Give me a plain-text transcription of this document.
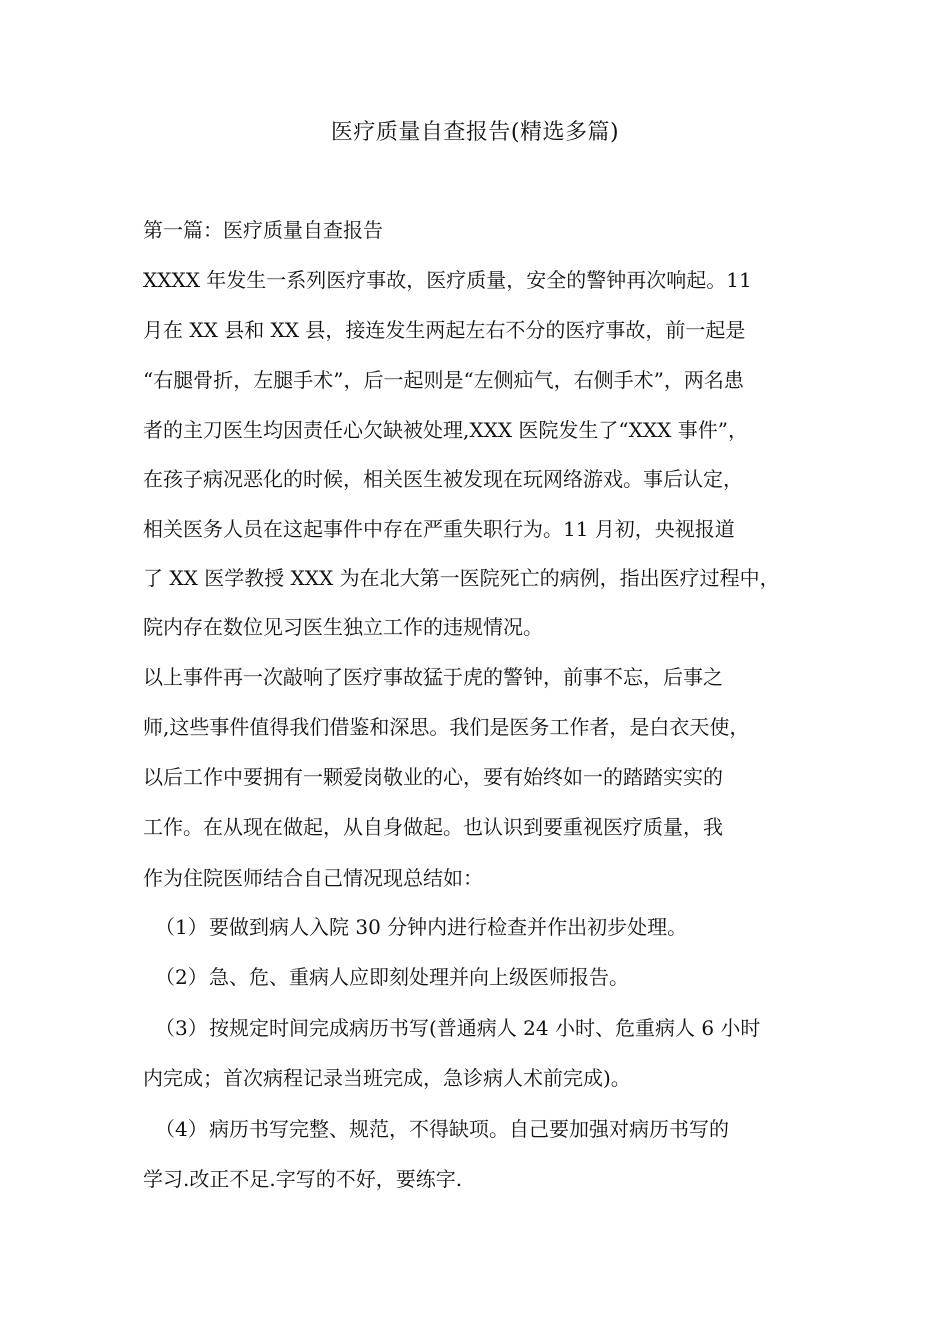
医疗质量自查报告(精选多篇)
第一篇：医疗质量自查报告
XXXX 年发生一系列医疗事故，医疗质量，安全的警钟再次响起。11
月在 XX 县和 XX 县，接连发生两起左右不分的医疗事故，前一起是
“右腿骨折，左腿手术”，后一起则是“左侧疝气，右侧手术”，两名患
者的主刀医生均因责任心欠缺被处理,XXX 医院发生了“XXX 事件”，
在孩子病况恶化的时候，相关医生被发现在玩网络游戏。事后认定，
相关医务人员在这起事件中存在严重失职行为。11 月初，央视报道
了 XX 医学教授 XXX 为在北大第一医院死亡的病例，指出医疗过程中，
院内存在数位见习医生独立工作的违规情况。
以上事件再一次敲响了医疗事故猛于虎的警钟，前事不忘，后事之
师,这些事件值得我们借鉴和深思。我们是医务工作者，是白衣天使，
以后工作中要拥有一颗爱岗敬业的心，要有始终如一的踏踏实实的
工作。在从现在做起，从自身做起。也认识到要重视医疗质量，我
作为住院医师结合自己情况现总结如：
（1）要做到病人入院 30 分钟内进行检查并作出初步处理。
（2）急、危、重病人应即刻处理并向上级医师报告。
（3）按规定时间完成病历书写(普通病人 24 小时、危重病人 6 小时
内完成；首次病程记录当班完成，急诊病人术前完成)。
（4）病历书写完整、规范，不得缺项。自己要加强对病历书写的
学习.改正不足.字写的不好，要练字.
